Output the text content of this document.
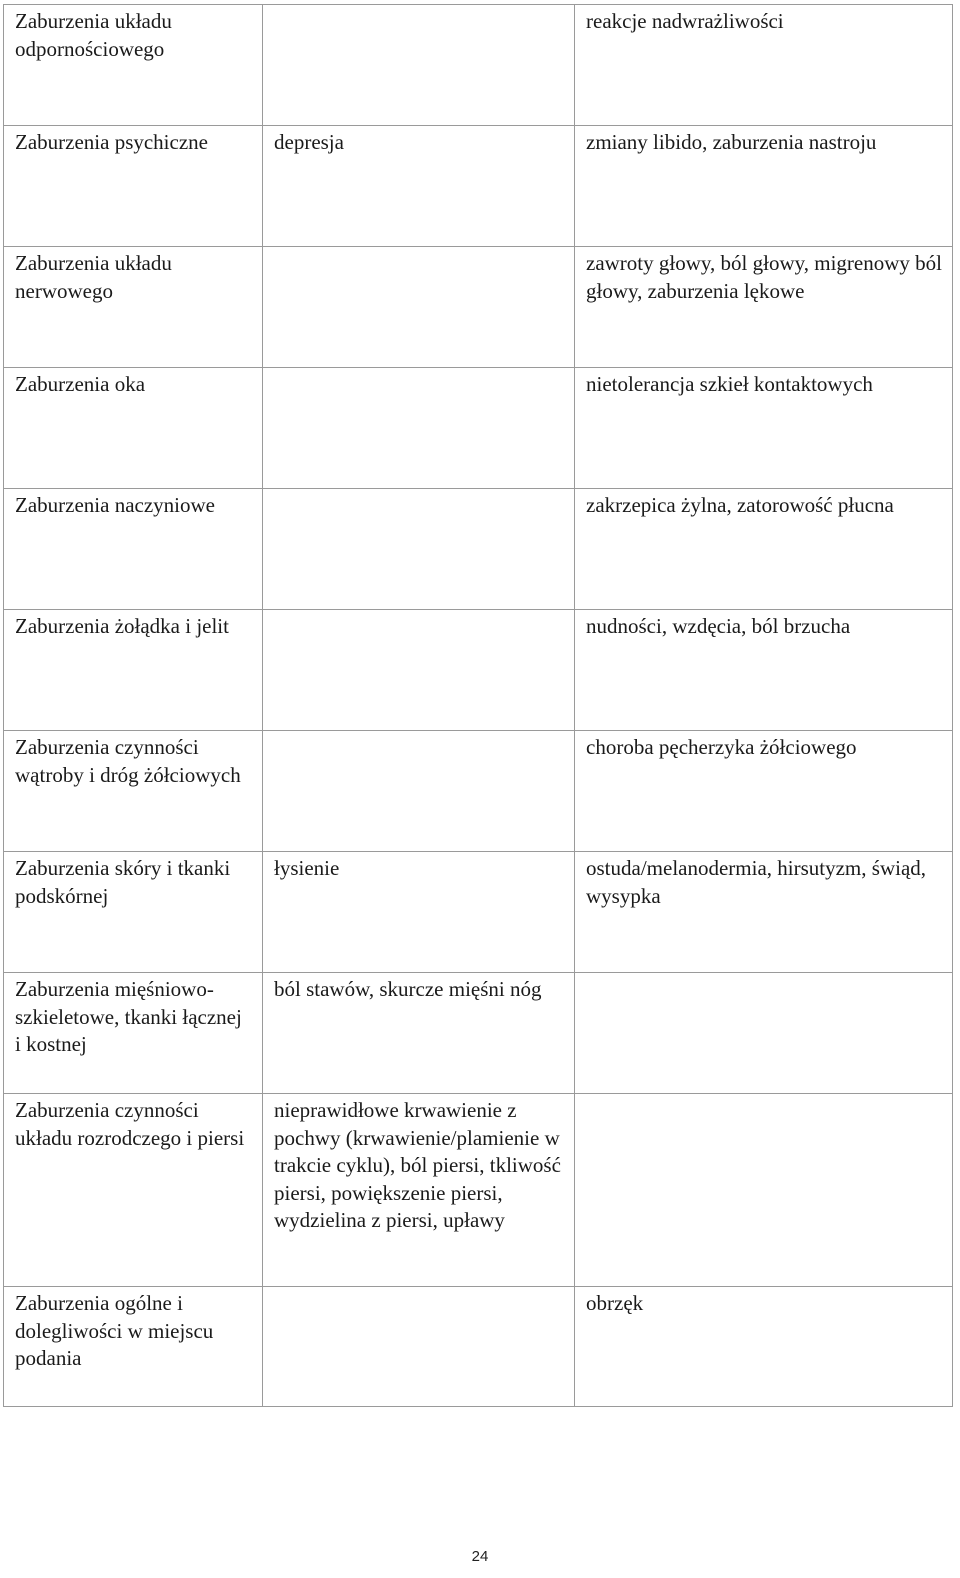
Zaburzenia układu odpornościowego		reakcje nadwrażliwości
Zaburzenia psychiczne	depresja	zmiany libido, zaburzenia nastroju
Zaburzenia układu nerwowego		zawroty głowy, ból głowy, migrenowy ból głowy, zaburzenia lękowe
Zaburzenia oka		nietolerancja szkieł kontaktowych
Zaburzenia naczyniowe		zakrzepica żylna, zatorowość płucna
Zaburzenia żołądka i jelit		nudności, wzdęcia, ból brzucha
Zaburzenia czynności wątroby i dróg żółciowych		choroba pęcherzyka żółciowego
Zaburzenia skóry i tkanki podskórnej	łysienie	ostuda/melanodermia, hirsutyzm, świąd, wysypka
Zaburzenia mięśniowo-szkieletowe, tkanki łącznej i kostnej	ból stawów, skurcze mięśni nóg	
Zaburzenia czynności układu rozrodczego i piersi	nieprawidłowe krwawienie z pochwy (krwawienie/plamienie w trakcie cyklu), ból piersi, tkliwość piersi, powiększenie piersi, wydzielina z piersi, upławy	
Zaburzenia ogólne i dolegliwości w miejscu podania		obrzęk
24
